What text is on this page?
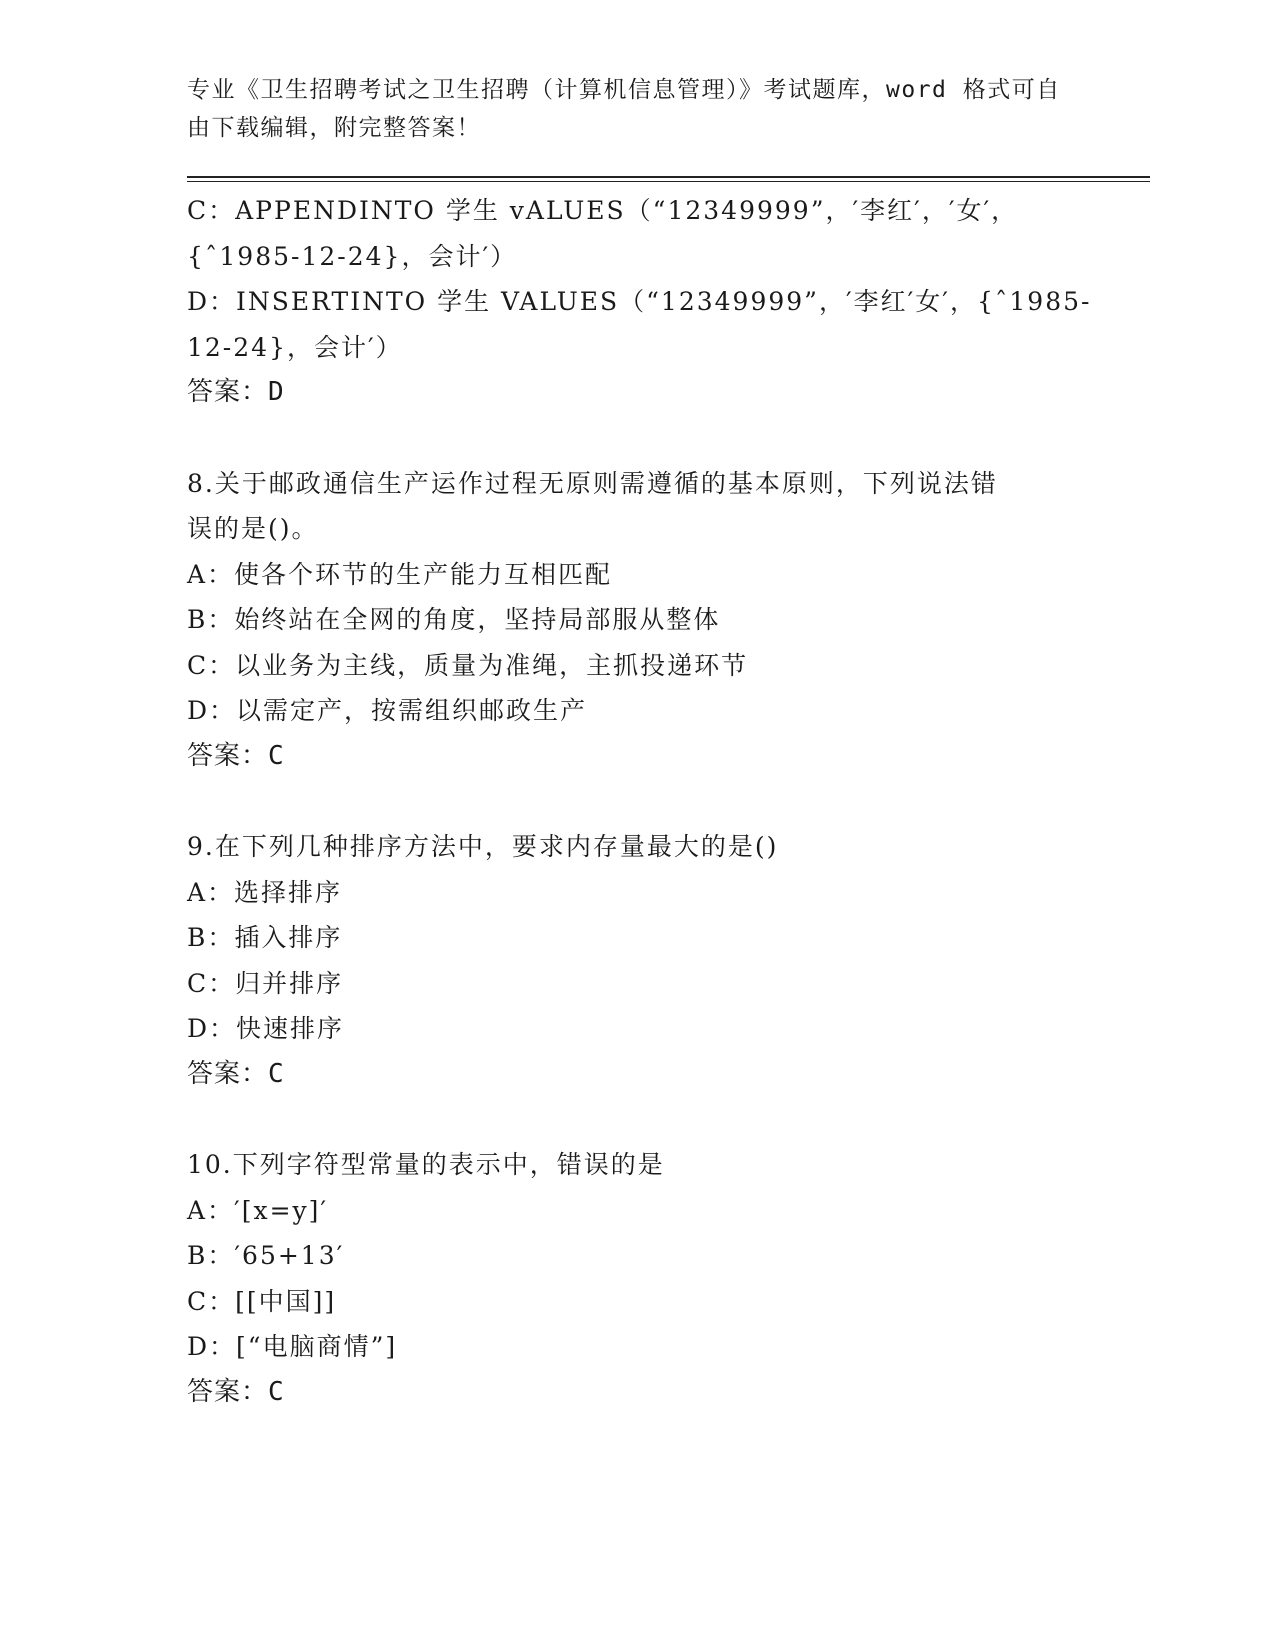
专业《卫生招聘考试之卫生招聘（计算机信息管理）》考试题库，word 格式可自
由下载编辑，附完整答案！
C：APPENDINTO 学生 vALUES（“12349999”，′李红′，′女′，
{ˆ1985-12-24}，会计′）
D：INSERTINTO 学生 VALUES（“12349999”，′李红′女′，{ˆ1985-
12-24}，会计′）
答案：D
8.关于邮政通信生产运作过程无原则需遵循的基本原则，下列说法错
误的是()。
A：使各个环节的生产能力互相匹配
B：始终站在全网的角度，坚持局部服从整体
C：以业务为主线，质量为准绳，主抓投递环节
D：以需定产，按需组织邮政生产
答案：C
9.在下列几种排序方法中，要求内存量最大的是()
A：选择排序
B：插入排序
C：归并排序
D：快速排序
答案：C
10.下列字符型常量的表示中，错误的是
A：′[x=y]′
B：′65+13′
C：[[中国]]
D：[“电脑商情”]
答案：C
